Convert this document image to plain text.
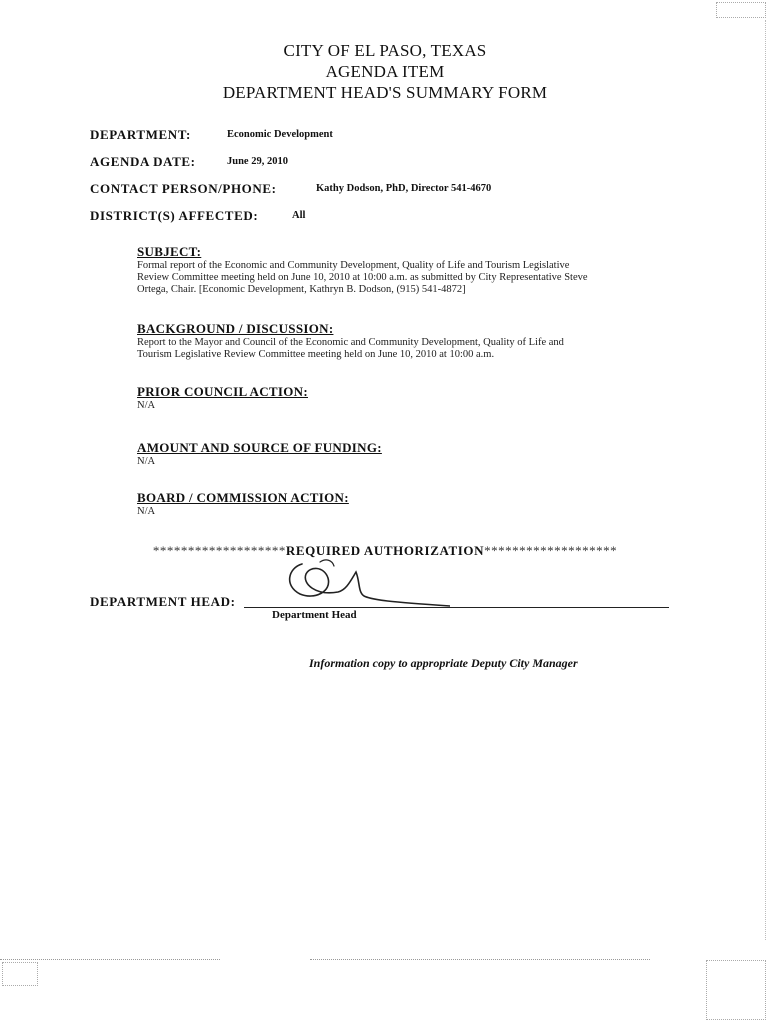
CITY OF EL PASO, TEXAS
AGENDA ITEM
DEPARTMENT HEAD'S SUMMARY FORM
DEPARTMENT:	Economic Development
AGENDA DATE:	June 29, 2010
CONTACT PERSON/PHONE:	Kathy Dodson, PhD, Director 541-4670
DISTRICT(S) AFFECTED:	All
SUBJECT:
Formal report of the Economic and Community Development, Quality of Life and Tourism Legislative
Review Committee meeting held on June 10, 2010 at 10:00 a.m. as submitted by City Representative Steve
Ortega, Chair. [Economic Development, Kathryn B. Dodson, (915) 541-4872]
BACKGROUND / DISCUSSION:
Report to the Mayor and Council of the Economic and Community Development, Quality of Life and
Tourism Legislative Review Committee meeting held on June 10, 2010 at 10:00 a.m.
PRIOR COUNCIL ACTION:
N/A
AMOUNT AND SOURCE OF FUNDING:
N/A
BOARD / COMMISSION ACTION:
N/A
*******************REQUIRED AUTHORIZATION*******************
DEPARTMENT HEAD:
Department Head
Information copy to appropriate Deputy City Manager
